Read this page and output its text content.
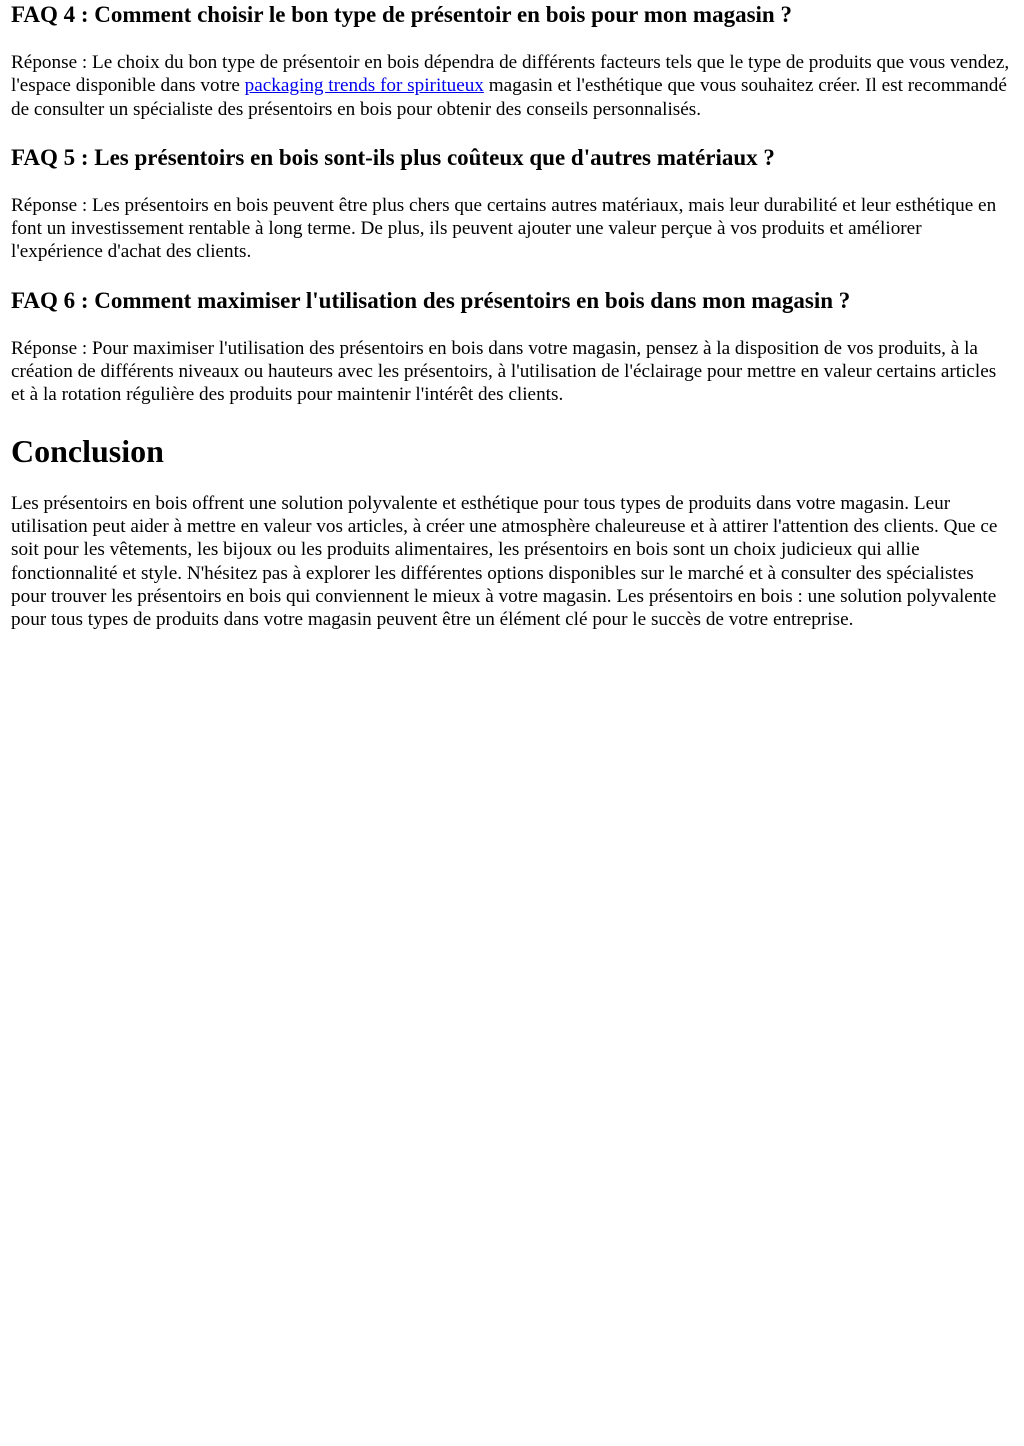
FAQ 4 : Comment choisir le bon type de présentoir en bois pour mon magasin ?

Réponse : Le choix du bon type de présentoir en bois dépendra de différents facteurs tels que le type de produits que vous vendez, l'espace disponible dans votre packaging trends for spiritueux magasin et l'esthétique que vous souhaitez créer. Il est recommandé de consulter un spécialiste des présentoirs en bois pour obtenir des conseils personnalisés.

FAQ 5 : Les présentoirs en bois sont-ils plus coûteux que d'autres matériaux ?

Réponse : Les présentoirs en bois peuvent être plus chers que certains autres matériaux, mais leur durabilité et leur esthétique en font un investissement rentable à long terme. De plus, ils peuvent ajouter une valeur perçue à vos produits et améliorer l'expérience d'achat des clients.

FAQ 6 : Comment maximiser l'utilisation des présentoirs en bois dans mon magasin ?

Réponse : Pour maximiser l'utilisation des présentoirs en bois dans votre magasin, pensez à la disposition de vos produits, à la création de différents niveaux ou hauteurs avec les présentoirs, à l'utilisation de l'éclairage pour mettre en valeur certains articles et à la rotation régulière des produits pour maintenir l'intérêt des clients.

Conclusion

Les présentoirs en bois offrent une solution polyvalente et esthétique pour tous types de produits dans votre magasin. Leur utilisation peut aider à mettre en valeur vos articles, à créer une atmosphère chaleureuse et à attirer l'attention des clients. Que ce soit pour les vêtements, les bijoux ou les produits alimentaires, les présentoirs en bois sont un choix judicieux qui allie fonctionnalité et style. N'hésitez pas à explorer les différentes options disponibles sur le marché et à consulter des spécialistes pour trouver les présentoirs en bois qui conviennent le mieux à votre magasin. Les présentoirs en bois : une solution polyvalente pour tous types de produits dans votre magasin peuvent être un élément clé pour le succès de votre entreprise.
